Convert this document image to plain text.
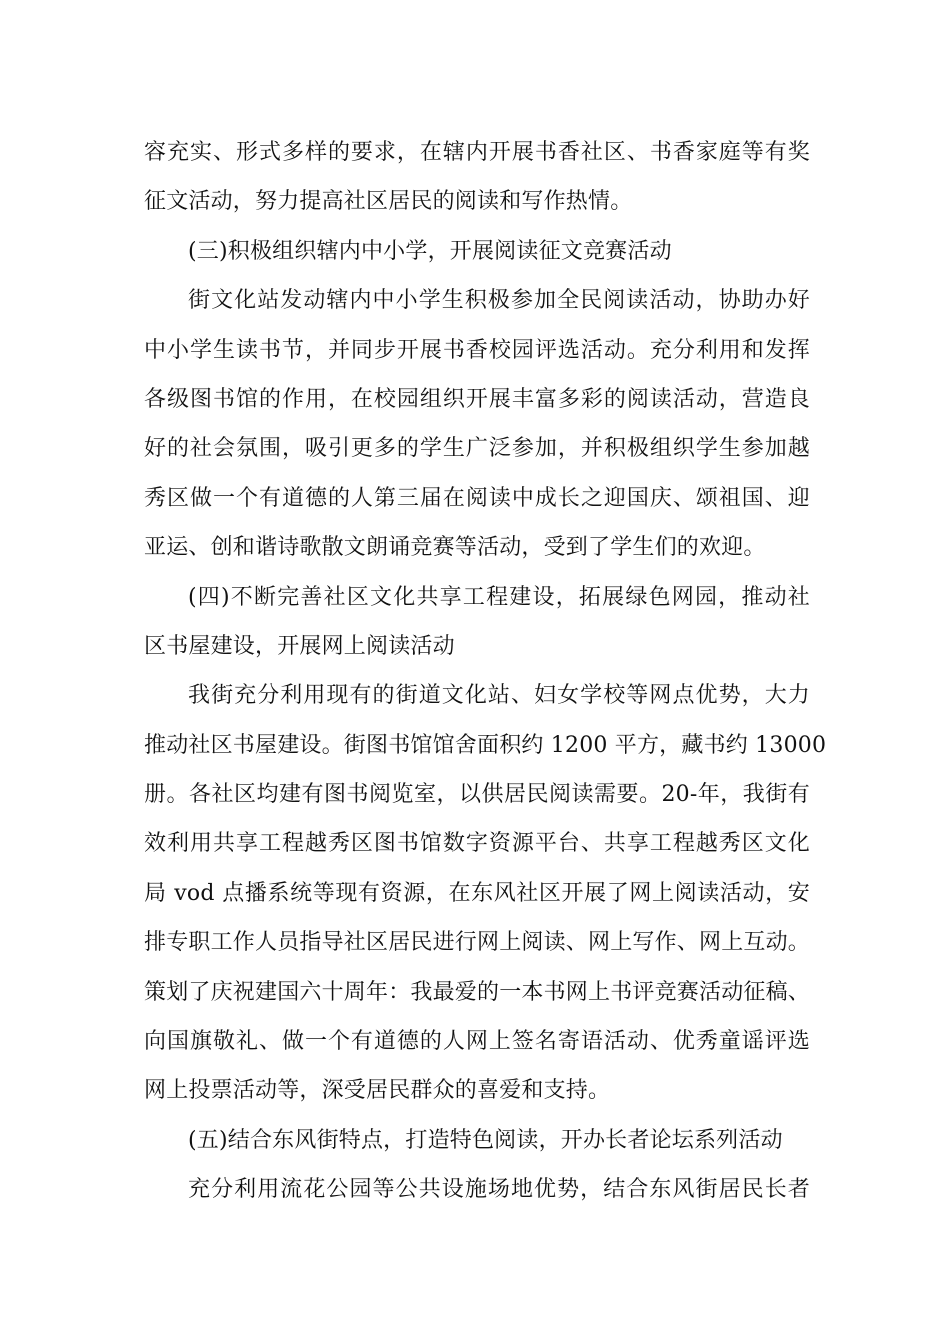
容充实、形式多样的要求，在辖内开展书香社区、书香家庭等有奖
征文活动，努力提高社区居民的阅读和写作热情。
(三)积极组织辖内中小学，开展阅读征文竞赛活动
街文化站发动辖内中小学生积极参加全民阅读活动，协助办好
中小学生读书节，并同步开展书香校园评选活动。充分利用和发挥
各级图书馆的作用，在校园组织开展丰富多彩的阅读活动，营造良
好的社会氛围，吸引更多的学生广泛参加，并积极组织学生参加越
秀区做一个有道德的人第三届在阅读中成长之迎国庆、颂祖国、迎
亚运、创和谐诗歌散文朗诵竞赛等活动，受到了学生们的欢迎。
(四)不断完善社区文化共享工程建设，拓展绿色网园，推动社
区书屋建设，开展网上阅读活动
我街充分利用现有的街道文化站、妇女学校等网点优势，大力
推动社区书屋建设。街图书馆馆舍面积约 1200 平方，藏书约 13000
册。各社区均建有图书阅览室，以供居民阅读需要。20-年，我街有
效利用共享工程越秀区图书馆数字资源平台、共享工程越秀区文化
局 vod 点播系统等现有资源，在东风社区开展了网上阅读活动，安
排专职工作人员指导社区居民进行网上阅读、网上写作、网上互动。
策划了庆祝建国六十周年：我最爱的一本书网上书评竞赛活动征稿、
向国旗敬礼、做一个有道德的人网上签名寄语活动、优秀童谣评选
网上投票活动等，深受居民群众的喜爱和支持。
(五)结合东风街特点，打造特色阅读，开办长者论坛系列活动
充分利用流花公园等公共设施场地优势，结合东风街居民长者
